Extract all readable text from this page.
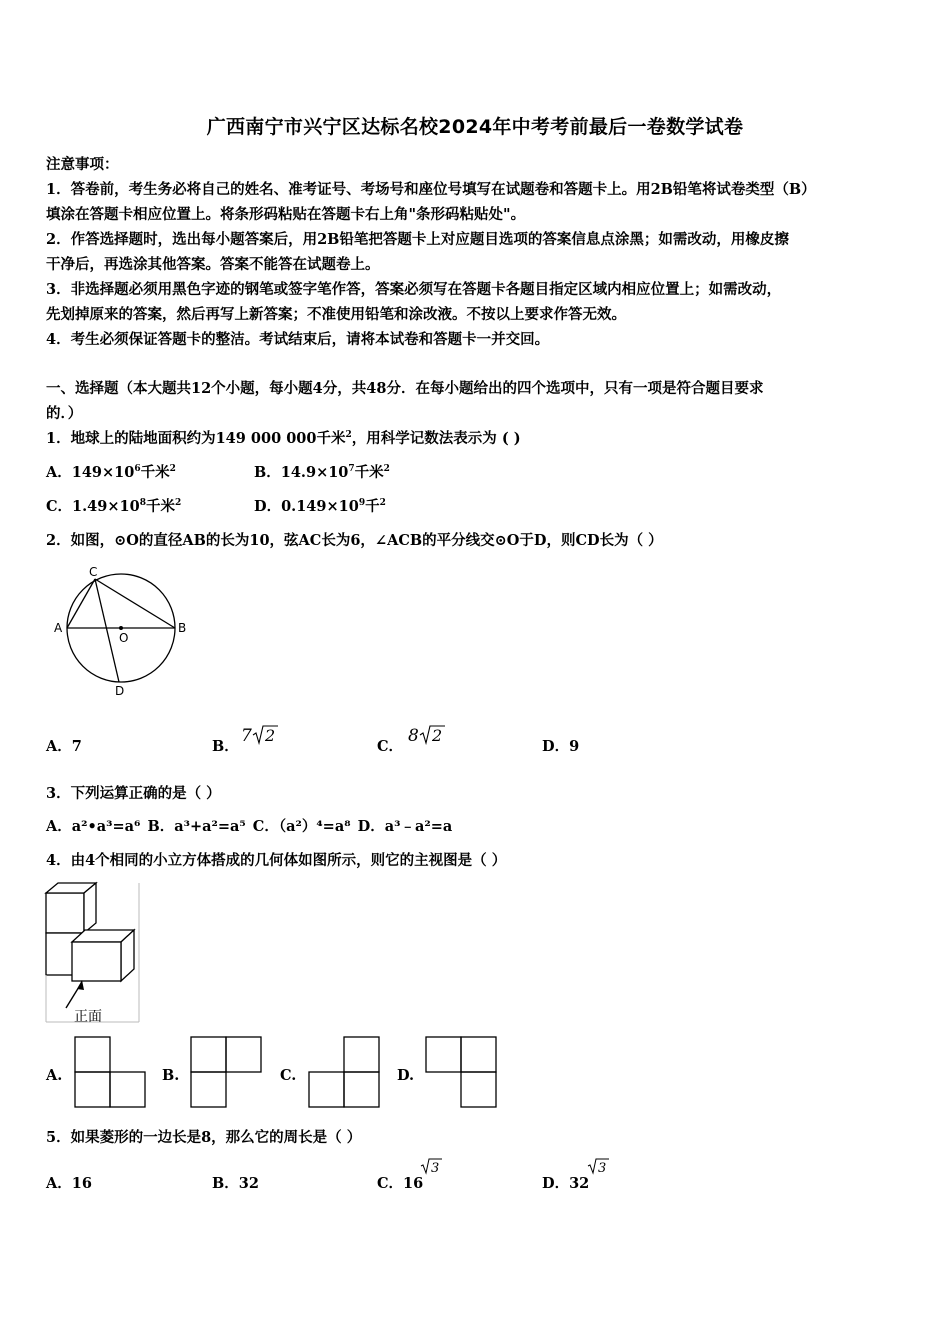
广西南宁市兴宁区达标名校2024年中考考前最后一卷数学试卷
注意事项：
1．答卷前，考生务必将自己的姓名、准考证号、考场号和座位号填写在试题卷和答题卡上。用2B铅笔将试卷类型（B）
填涂在答题卡相应位置上。将条形码粘贴在答题卡右上角"条形码粘贴处"。
2．作答选择题时，选出每小题答案后，用2B铅笔把答题卡上对应题目选项的答案信息点涂黑；如需改动，用橡皮擦
干净后，再选涂其他答案。答案不能答在试题卷上。
3．非选择题必须用黑色字迹的钢笔或签字笔作答，答案必须写在答题卡各题目指定区域内相应位置上；如需改动，
先划掉原来的答案，然后再写上新答案；不准使用铅笔和涂改液。不按以上要求作答无效。
4．考生必须保证答题卡的整洁。考试结束后，请将本试卷和答题卡一并交回。
一、选择题（本大题共12个小题，每小题4分，共48分．在每小题给出的四个选项中，只有一项是符合题目要求
的．）
1．地球上的陆地面积约为149 000 000千米$^2$，用科学记数法表示为 ( )
A．$149\times 10^6$千米$^2$	B．$14.9\times 10^7$千米$^2$
C．$1.49\times 10^8$千米$^2$	D．$0.149\times 10^9$千$^2$
2．如图，⊙O的直径AB的长为10，弦AC长为6，∠ACB的平分线交⊙O于D，则CD长为（ ）
C
A	B
O
D
A．7	B．
7 2
C．
8 2
D．9
3．下列运算正确的是（ ）
A．a²•a³=a⁶ B．a³+a²=a⁵ C．（a²）⁴=a⁸ D．a³﹣a²=a
4．由4个相同的小立方体搭成的几何体如图所示，则它的主视图是（ ）
正面
A.	B.	C.	D.
5．如果菱形的一边长是8，那么它的周长是（ ）
A．16	B．32	C．16
3
D．32
3
